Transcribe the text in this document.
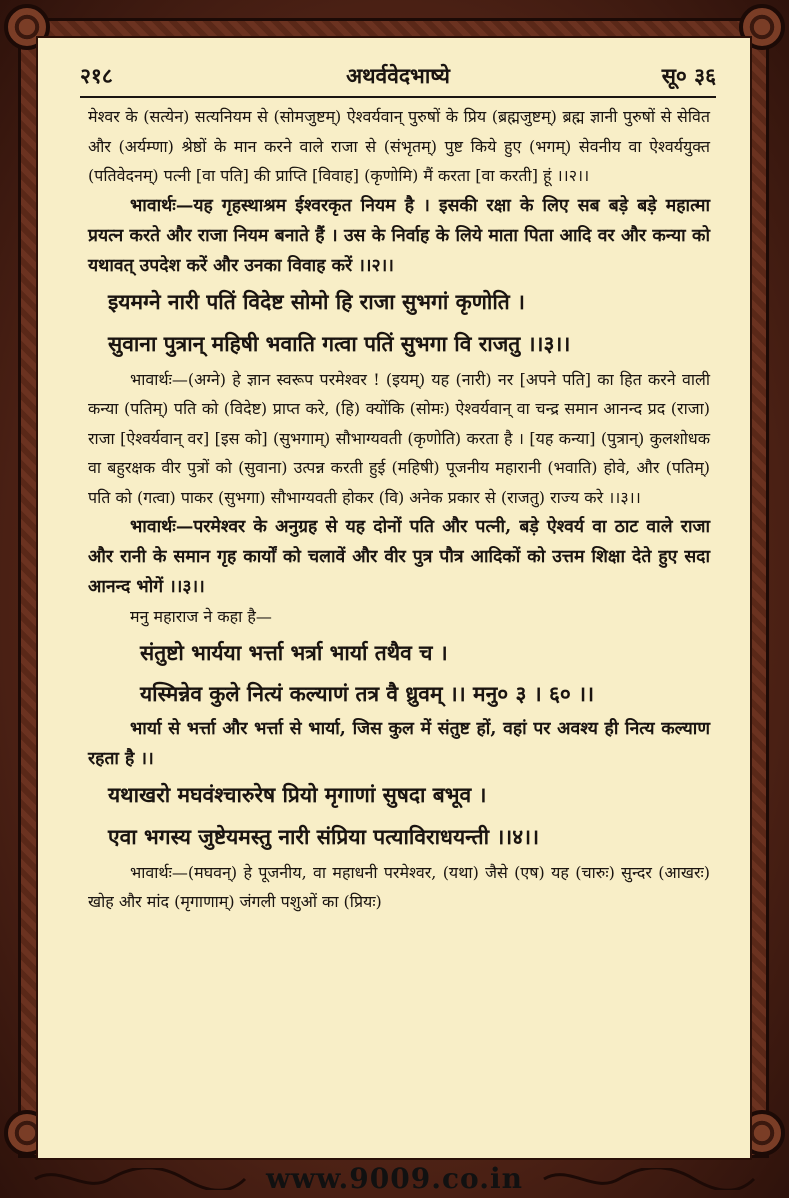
२१८	अथर्ववेदभाष्ये	सू० ३६

मेश्वर के (सत्येन) सत्यनियम से (सोमजुष्टम्) ऐश्वर्यवान् पुरुषों के प्रिय (ब्रह्मजुष्टम्) ब्रह्म ज्ञानी पुरुषों से सेवित और (अर्यम्णा) श्रेष्ठों के मान करने वाले राजा से (संभृतम्) पुष्ट किये हुए (भगम्) सेवनीय वा ऐश्वर्ययुक्त (पतिवेदनम्) पत्नी [वा पति] की प्राप्ति [विवाह] (कृणोमि) मैं करता [वा करती] हूं ।।२।।

भावार्थः—यह गृहस्थाश्रम ईश्वरकृत नियम है । इसकी रक्षा के लिए सब बड़े बड़े महात्मा प्रयत्न करते और राजा नियम बनाते हैं । उस के निर्वाह के लिये माता पिता आदि वर और कन्या को यथावत् उपदेश करें और उनका विवाह करें ।।२।।

इयमग्ने नारी पतिं विदेष्ट सोमो हि राजा सुभगां कृणोति ।

सुवाना पुत्रान् महिषी भवाति गत्वा पतिं सुभगा वि राजतु ।।३।।

भावार्थः—(अग्ने) हे ज्ञान स्वरूप परमेश्वर ! (इयम्) यह (नारी) नर [अपने पति] का हित करने वाली कन्या (पतिम्) पति को (विदेष्ट) प्राप्त करे, (हि) क्योंकि (सोमः) ऐश्वर्यवान् वा चन्द्र समान आनन्द प्रद (राजा) राजा [ऐश्वर्यवान् वर] [इस को] (सुभगाम्) सौभाग्यवती (कृणोति) करता है । [यह कन्या] (पुत्रान्) कुलशोधक वा बहुरक्षक वीर पुत्रों को (सुवाना) उत्पन्न करती हुई (महिषी) पूजनीय महारानी (भवाति) होवे, और (पतिम्) पति को (गत्वा) पाकर (सुभगा) सौभाग्यवती होकर (वि) अनेक प्रकार से (राजतु) राज्य करे ।।३।।

भावार्थः—परमेश्वर के अनुग्रह से यह दोनों पति और पत्नी, बड़े ऐश्वर्य वा ठाट वाले राजा और रानी के समान गृह कार्यों को चलावें और वीर पुत्र पौत्र आदिकों को उत्तम शिक्षा देते हुए सदा आनन्द भोगें ।।३।।

मनु महाराज ने कहा है—

संतुष्टो भार्यया भर्त्ता भर्त्रा भार्या तथैव च ।

यस्मिन्नेव कुले नित्यं कल्याणं तत्र वै ध्रुवम् ।। मनु० ३ । ६० ।।

भार्या से भर्त्ता और भर्त्ता से भार्या, जिस कुल में संतुष्ट हों, वहां पर अवश्य ही नित्य कल्याण रहता है ।।

यथाखरो मघवंश्चारुरेष प्रियो मृगाणां सुषदा बभूव ।

एवा भगस्य जुष्टेयमस्तु नारी संप्रिया पत्याविराधयन्ती ।।४।।

भावार्थः—(मघवन्) हे पूजनीय, वा महाधनी परमेश्वर, (यथा) जैसे (एष) यह (चारुः) सुन्दर (आखरः) खोह और मांद (मृगाणाम्) जंगली पशुओं का (प्रियः)

www.9009.co.in
